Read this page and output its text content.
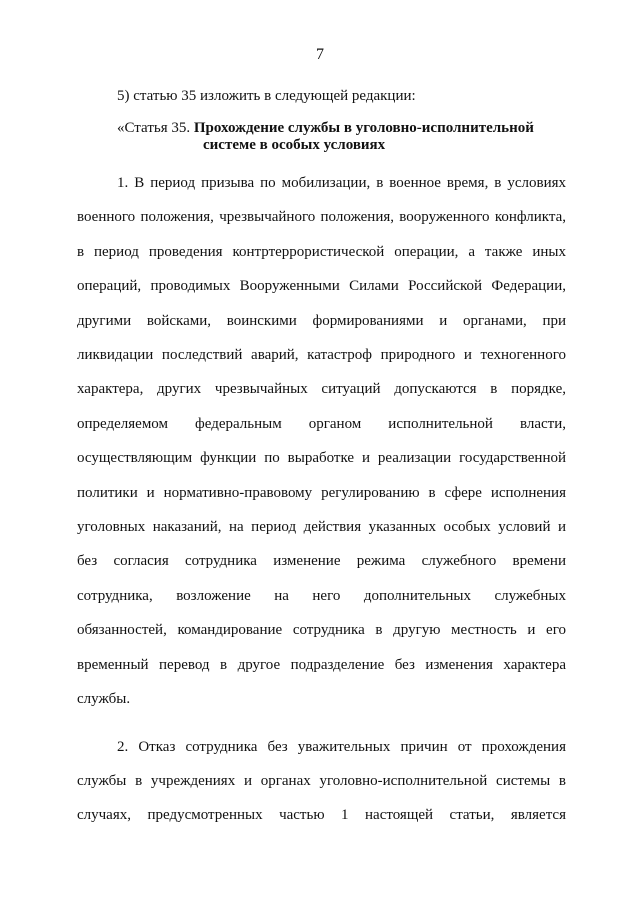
7
5) статью 35 изложить в следующей редакции:
«Статья 35. Прохождение службы в уголовно-исполнительной
системе в особых условиях
1. В период призыва по мобилизации, в военное время, в условиях
военного положения, чрезвычайного положения, вооруженного конфликта,
в период проведения контртеррористической операции, а также иных
операций, проводимых Вооруженными Силами Российской Федерации,
другими войсками, воинскими формированиями и органами, при
ликвидации последствий аварий, катастроф природного и техногенного
характера, других чрезвычайных ситуаций допускаются в порядке,
определяемом федеральным органом исполнительной власти,
осуществляющим функции по выработке и реализации государственной
политики и нормативно-правовому регулированию в сфере исполнения
уголовных наказаний, на период действия указанных особых условий и
без согласия сотрудника изменение режима служебного времени
сотрудника, возложение на него дополнительных служебных
обязанностей, командирование сотрудника в другую местность и его
временный перевод в другое подразделение без изменения характера
службы.
2. Отказ сотрудника без уважительных причин от прохождения
службы в учреждениях и органах уголовно-исполнительной системы в
случаях, предусмотренных частью 1 настоящей статьи, является
